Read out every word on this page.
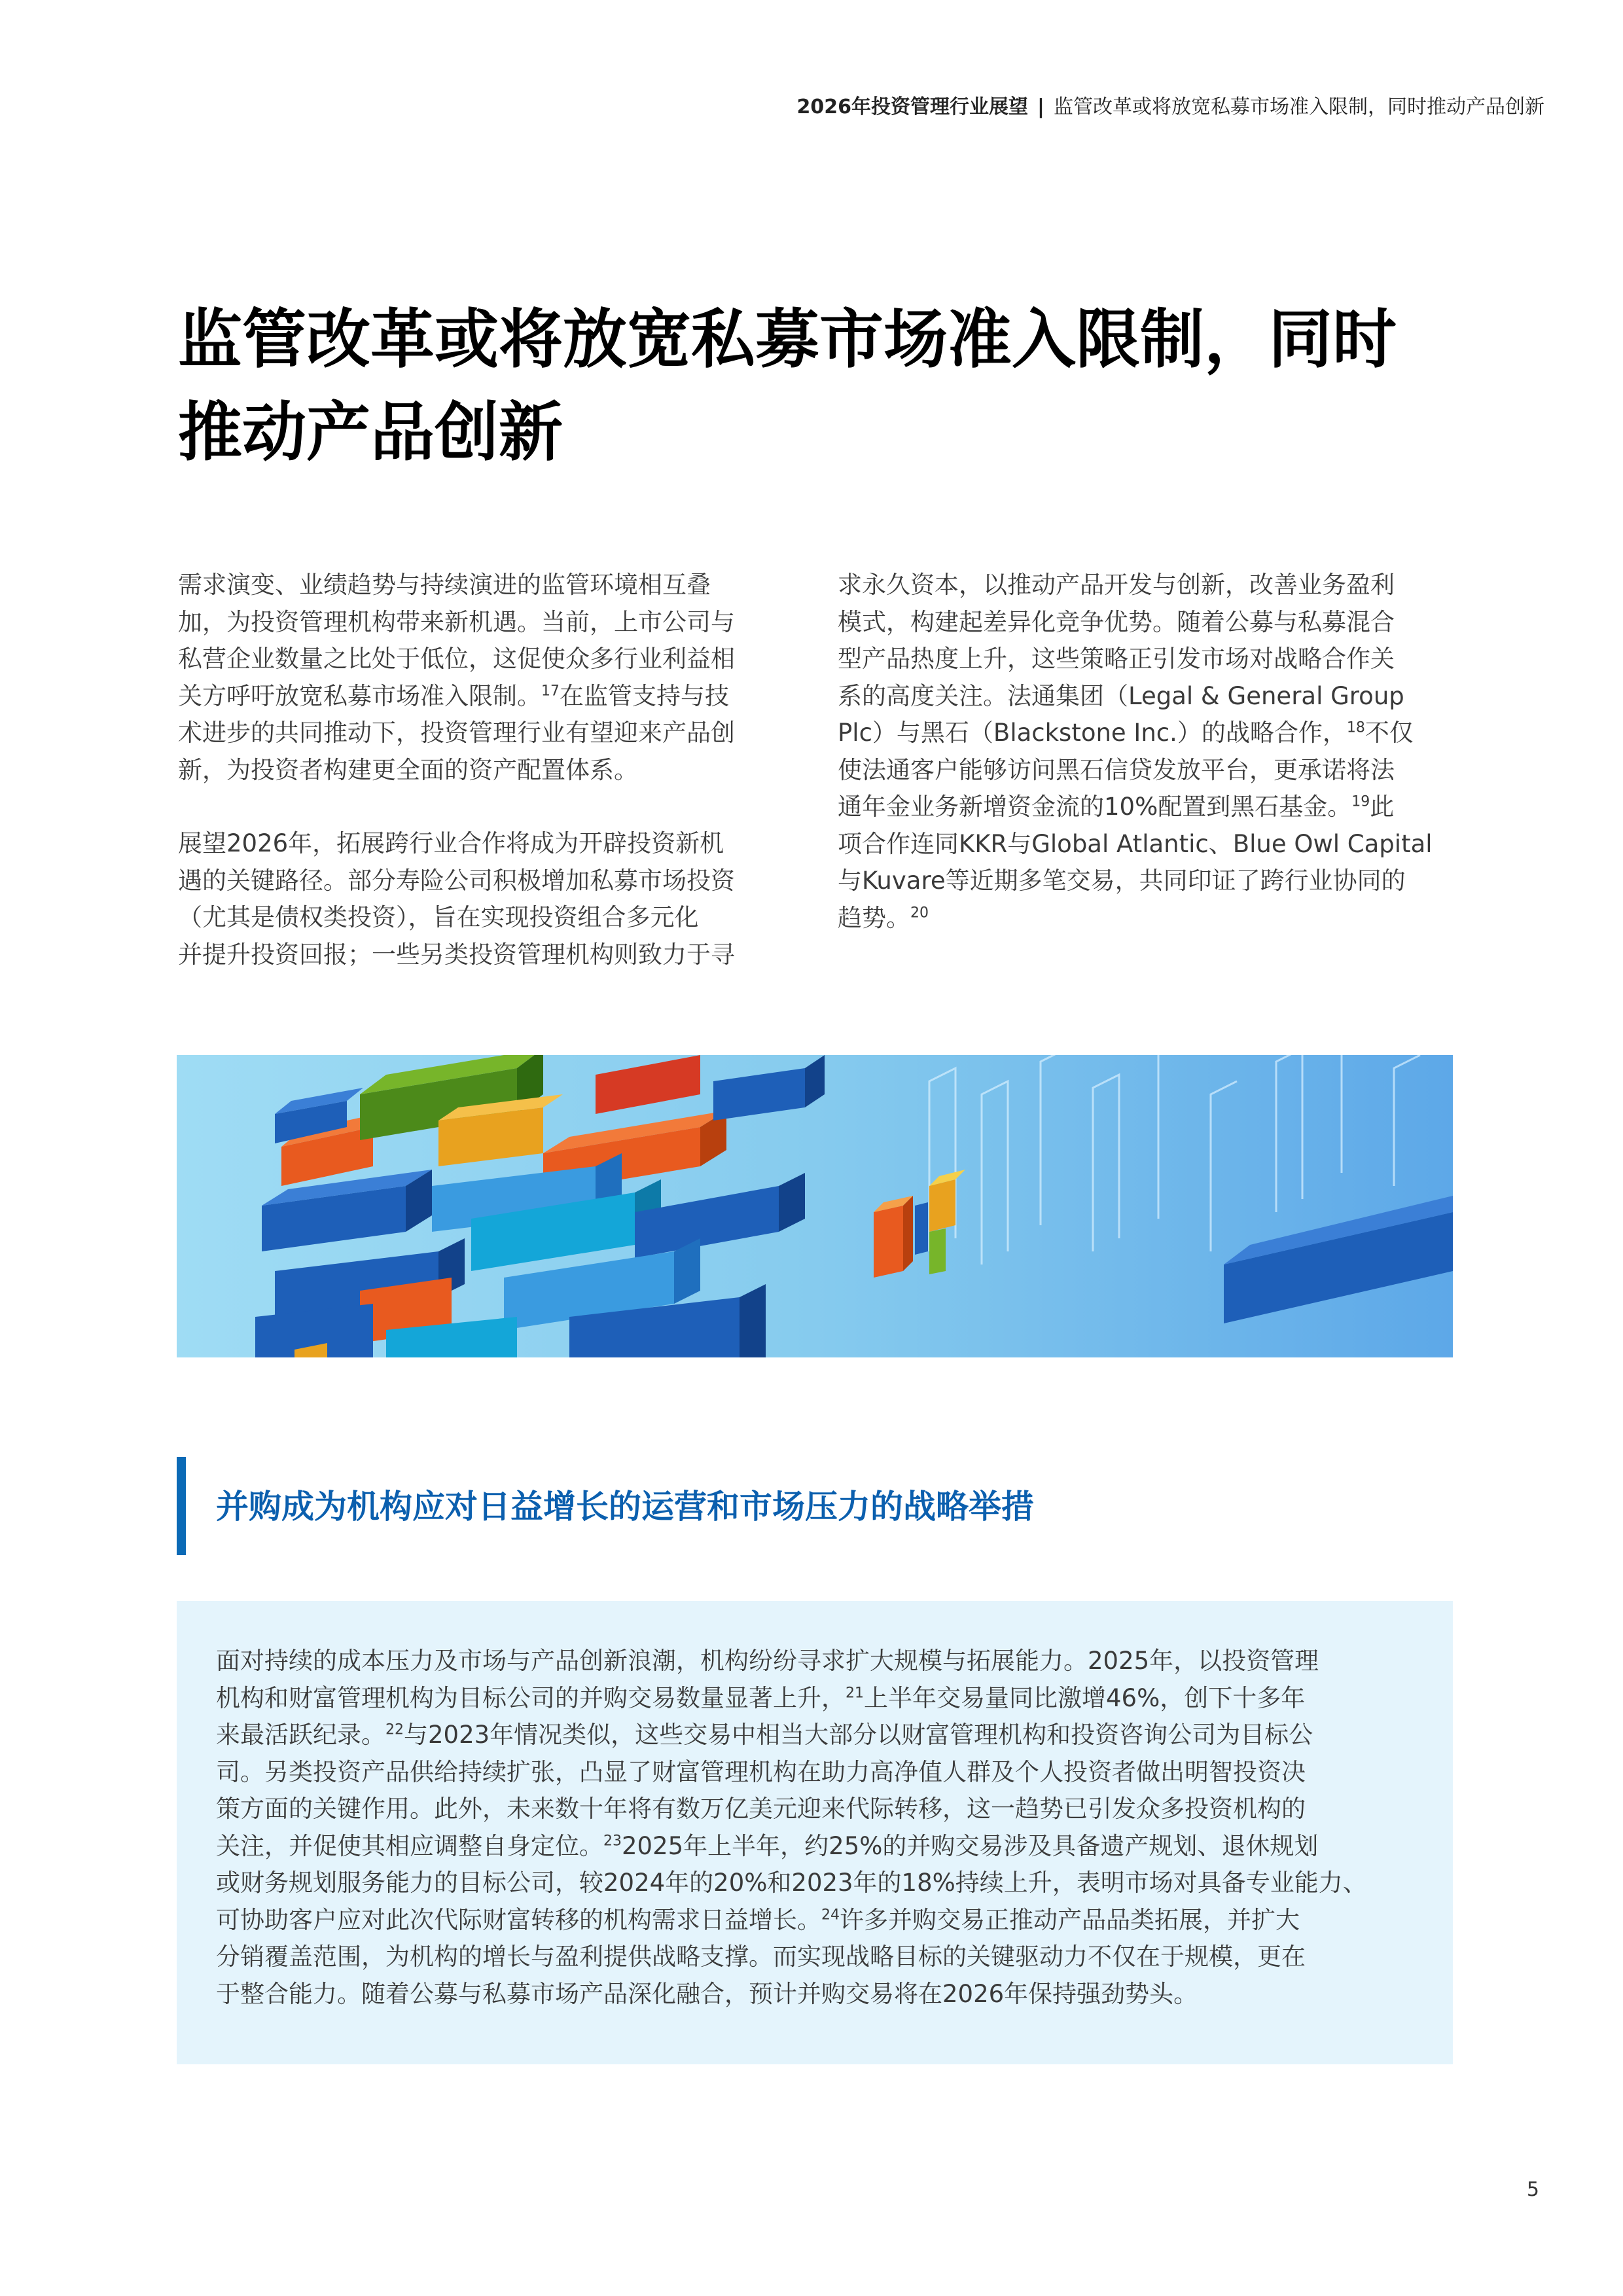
2026年投资管理行业展望 | 监管改革或将放宽私募市场准入限制，同时推动产品创新
监管改革或将放宽私募市场准入限制，同时
推动产品创新

需求演变、业绩趋势与持续演进的监管环境相互叠
加，为投资管理机构带来新机遇。当前，上市公司与
私营企业数量之比处于低位，这促使众多行业利益相
关方呼吁放宽私募市场准入限制。$^{17}$在监管支持与技
术进步的共同推动下，投资管理行业有望迎来产品创
新，为投资者构建更全面的资产配置体系。

展望2026年，拓展跨行业合作将成为开辟投资新机
遇的关键路径。部分寿险公司积极增加私募市场投资
（尤其是债权类投资），旨在实现投资组合多元化
并提升投资回报；一些另类投资管理机构则致力于寻

求永久资本，以推动产品开发与创新，改善业务盈利
模式，构建起差异化竞争优势。随着公募与私募混合
型产品热度上升，这些策略正引发市场对战略合作关
系的高度关注。法通集团（Legal & General Group
Plc）与黑石（Blackstone Inc.）的战略合作，$^{18}$不仅
使法通客户能够访问黑石信贷发放平台，更承诺将法
通年金业务新增资金流的10%配置到黑石基金。$^{19}$此
项合作连同KKR与Global Atlantic、Blue Owl Capital
与Kuvare等近期多笔交易，共同印证了跨行业协同的
趋势。$^{20}$

并购成为机构应对日益增长的运营和市场压力的战略举措
面对持续的成本压力及市场与产品创新浪潮，机构纷纷寻求扩大规模与拓展能力。2025年，以投资管理
机构和财富管理机构为目标公司的并购交易数量显著上升，$^{21}$上半年交易量同比激增46%，创下十多年
来最活跃纪录。$^{22}$与2023年情况类似，这些交易中相当大部分以财富管理机构和投资咨询公司为目标公
司。另类投资产品供给持续扩张，凸显了财富管理机构在助力高净值人群及个人投资者做出明智投资决
策方面的关键作用。此外，未来数十年将有数万亿美元迎来代际转移，这一趋势已引发众多投资机构的
关注，并促使其相应调整自身定位。$^{23}$2025年上半年，约25%的并购交易涉及具备遗产规划、退休规划
或财务规划服务能力的目标公司，较2024年的20%和2023年的18%持续上升，表明市场对具备专业能力、
可协助客户应对此次代际财富转移的机构需求日益增长。$^{24}$许多并购交易正推动产品品类拓展，并扩大
分销覆盖范围，为机构的增长与盈利提供战略支撑。而实现战略目标的关键驱动力不仅在于规模，更在
于整合能力。随着公募与私募市场产品深化融合，预计并购交易将在2026年保持强劲势头。
5
